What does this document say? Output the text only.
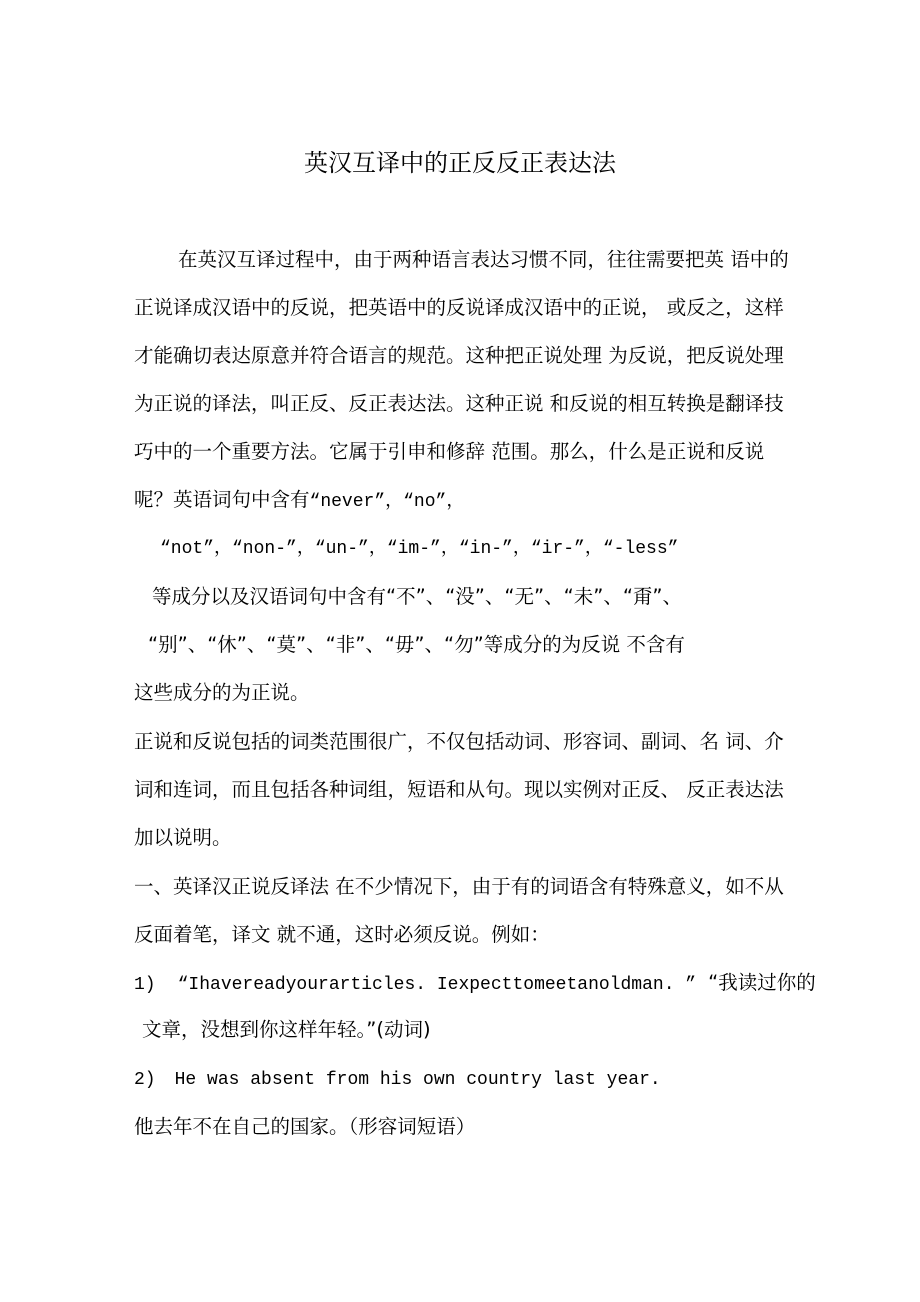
英汉互译中的正反反正表达法

在英汉互译过程中，由于两种语言表达习惯不同，往往需要把英 语中的

正说译成汉语中的反说，把英语中的反说译成汉语中的正说， 或反之，这样

才能确切表达原意并符合语言的规范。这种把正说处理 为反说，把反说处理

为正说的译法，叫正反、反正表达法。这种正说 和反说的相互转换是翻译技

巧中的一个重要方法。它属于引申和修辞 范围。那么，什么是正说和反说

呢？英语词句中含有“never”，“no”，

“not”，“non-”，“un-”，“im-”，“in-”，“ir-”，“-less”

等成分以及汉语词句中含有“不”、“没”、“无”、“未”、“甭”、

“别”、“休”、“莫”、“非”、“毋”、“勿”等成分的为反说 不含有

这些成分的为正说。

正说和反说包括的词类范围很广，不仅包括动词、形容词、副词、名 词、介

词和连词，而且包括各种词组，短语和从句。现以实例对正反、 反正表达法

加以说明。

一、英译汉正说反译法 在不少情况下，由于有的词语含有特殊意义，如不从

反面着笔，译文 就不通，这时必须反说。例如：

1) “Ihavereadyourarticles. Iexpecttomeetanoldman. ” “我读过你的

文章，没想到你这样年轻。”(动词)

2) He was absent from his own country last year.

他去年不在自己的国家。（形容词短语）
